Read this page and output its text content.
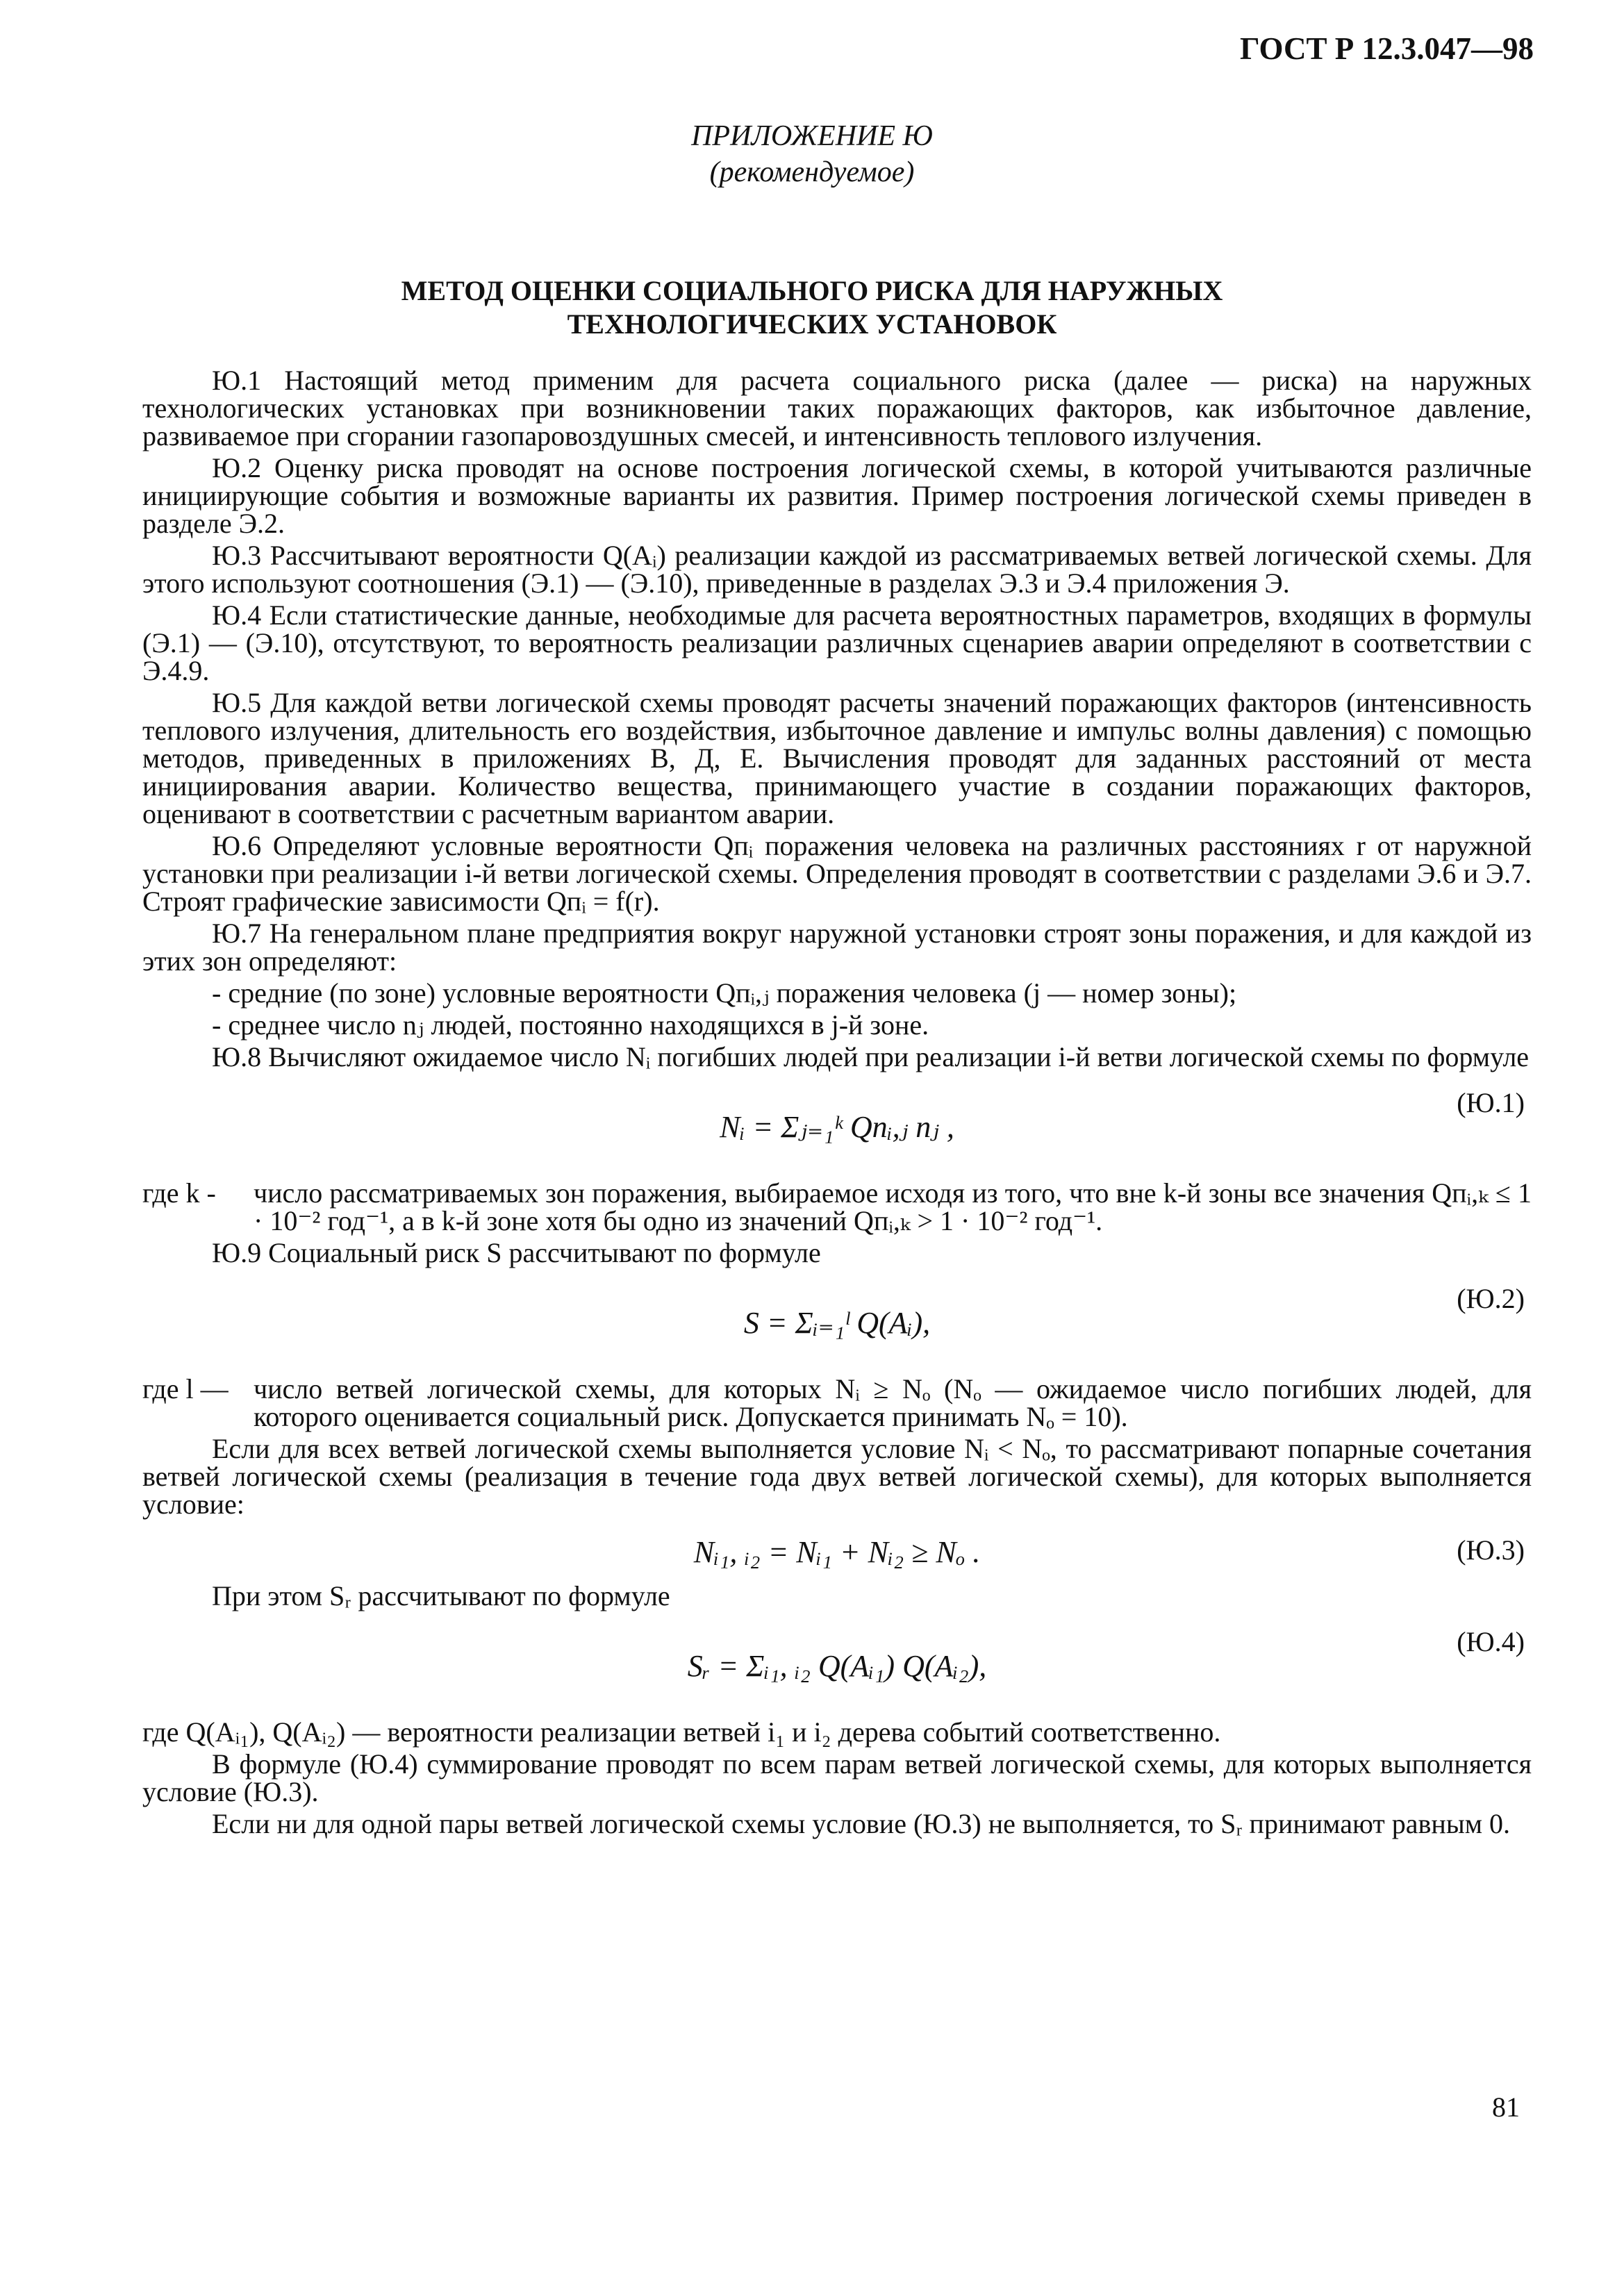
ГОСТ Р 12.3.047—98
ПРИЛОЖЕНИЕ Ю
(рекомендуемое)
МЕТОД ОЦЕНКИ СОЦИАЛЬНОГО РИСКА ДЛЯ НАРУЖНЫХ
ТЕХНОЛОГИЧЕСКИХ УСТАНОВОК

Ю.1 Настоящий метод применим для расчета социального риска (далее — риска) на наружных технологических установках при возникновении таких поражающих факторов, как избыточное давление, развиваемое при сгорании газопаровоздушных смесей, и интенсивность теплового излучения.

Ю.2 Оценку риска проводят на основе построения логической схемы, в которой учитываются различные инициирующие события и возможные варианты их развития. Пример построения логической схемы приведен в разделе Э.2.

Ю.3 Рассчитывают вероятности Q(Aᵢ) реализации каждой из рассматриваемых ветвей логической схемы. Для этого используют соотношения (Э.1) — (Э.10), приведенные в разделах Э.3 и Э.4 приложения Э.

Ю.4 Если статистические данные, необходимые для расчета вероятностных параметров, входящих в формулы (Э.1) — (Э.10), отсутствуют, то вероятность реализации различных сценариев аварии определяют в соответствии с Э.4.9.

Ю.5 Для каждой ветви логической схемы проводят расчеты значений поражающих факторов (интенсивность теплового излучения, длительность его воздействия, избыточное давление и импульс волны давления) с помощью методов, приведенных в приложениях В, Д, Е. Вычисления проводят для заданных расстояний от места инициирования аварии. Количество вещества, принимающего участие в создании поражающих факторов, оценивают в соответствии с расчетным вариантом аварии.

Ю.6 Определяют условные вероятности Qпᵢ поражения человека на различных расстояниях r от наружной установки при реализации i-й ветви логической схемы. Определения проводят в соответствии с разделами Э.6 и Э.7. Строят графические зависимости Qпᵢ = f(r).

Ю.7 На генеральном плане предприятия вокруг наружной установки строят зоны поражения, и для каждой из этих зон определяют:

- средние (по зоне) условные вероятности Qпᵢ,ⱼ поражения человека (j — номер зоны);

- среднее число nⱼ людей, постоянно находящихся в j-й зоне.

Ю.8 Вычисляют ожидаемое число Nᵢ погибших людей при реализации i-й ветви логической схемы по формуле

Nᵢ = Σⱼ₌₁ᵏ Qпᵢ,ⱼ nⱼ ,
(Ю.1)

где k - число рассматриваемых зон поражения, выбираемое исходя из того, что вне k-й зоны все значения Qпᵢ,ₖ ≤ 1 · 10⁻² год⁻¹, а в k-й зоне хотя бы одно из значений Qпᵢ,ₖ > 1 · 10⁻² год⁻¹.

Ю.9 Социальный риск S рассчитывают по формуле

S = Σᵢ₌₁ˡ Q(Aᵢ),
(Ю.2)

где l — число ветвей логической схемы, для которых Nᵢ ≥ Nₒ (Nₒ — ожидаемое число погибших людей, для которого оценивается социальный риск. Допускается принимать Nₒ = 10).

Если для всех ветвей логической схемы выполняется условие Nᵢ < Nₒ, то рассматривают попарные сочетания ветвей логической схемы (реализация в течение года двух ветвей логической схемы), для которых выполняется условие:

Nᵢ₁, ᵢ₂ = Nᵢ₁ + Nᵢ₂ ≥ Nₒ .	(Ю.3)

При этом Sᵣ рассчитывают по формуле

Sᵣ = Σᵢ₁, ᵢ₂ Q(Aᵢ₁) Q(Aᵢ₂),
(Ю.4)

где Q(Aᵢ₁), Q(Aᵢ₂) — вероятности реализации ветвей i₁ и i₂ дерева событий соответственно.

В формуле (Ю.4) суммирование проводят по всем парам ветвей логической схемы, для которых выполняется условие (Ю.3).

Если ни для одной пары ветвей логической схемы условие (Ю.3) не выполняется, то Sᵣ принимают равным 0.

81
